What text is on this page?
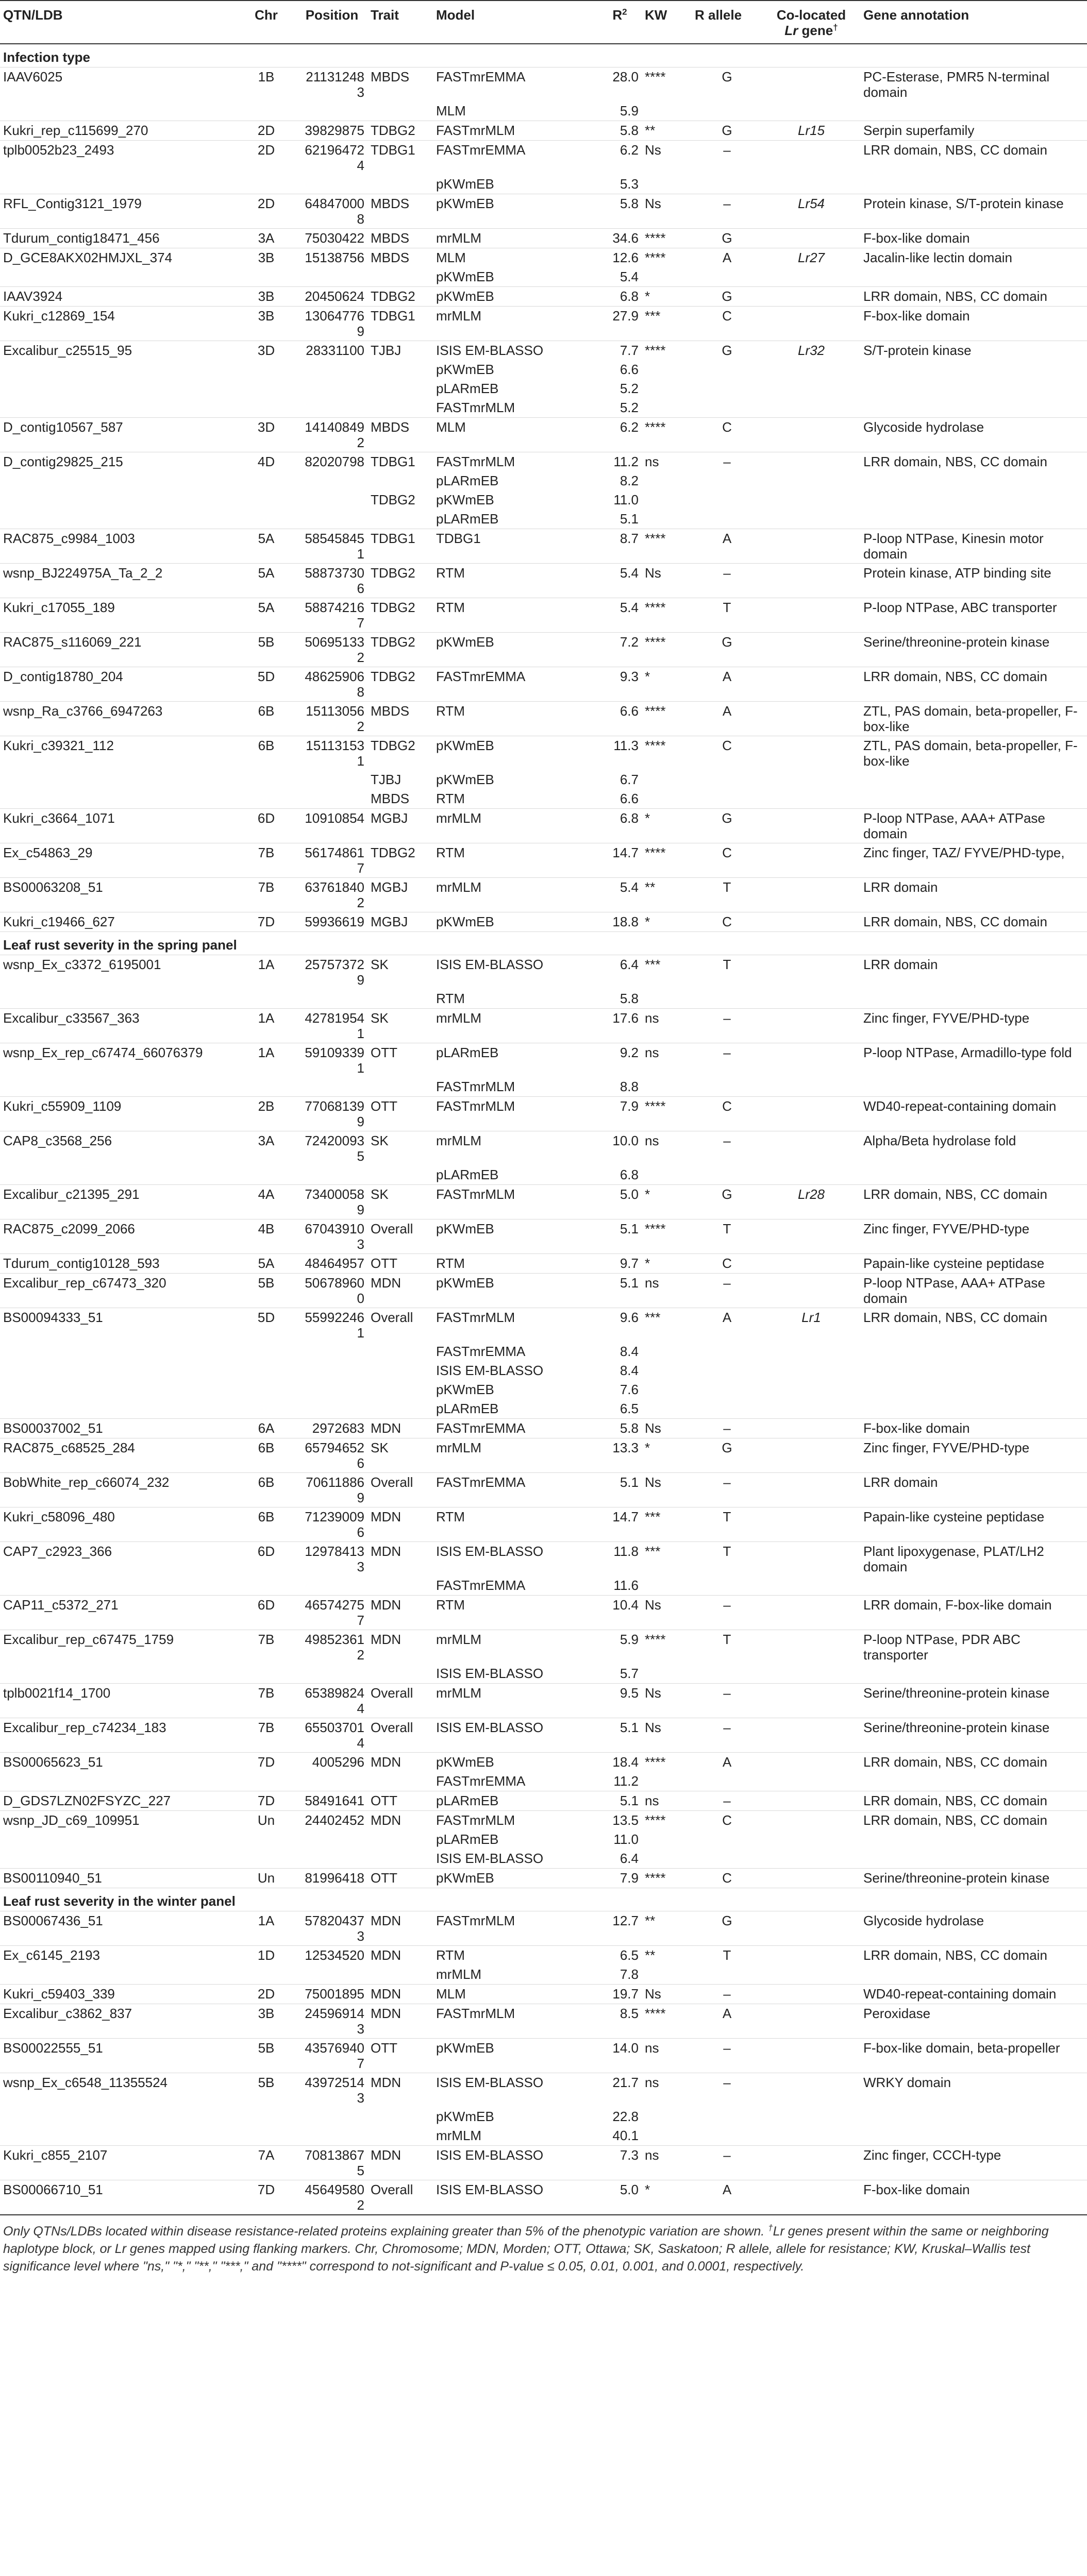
QTN/LDB	Chr	Position	Trait	Model	$R^2$	KW	R allele	Co-located
Lr gene†	Gene annotation
Infection type									
IAAV6025	1B	211312483	MBDS	FASTmrEMMA	28.0	****	G		PC-Esterase, PMR5 N-terminal domain
				MLM	5.9				
Kukri_rep_c115699_270	2D	39829875	TDBG2	FASTmrMLM	5.8	**	G	Lr15	Serpin superfamily
tplb0052b23_2493	2D	621964724	TDBG1	FASTmrEMMA	6.2	Ns	–		LRR domain, NBS, CC domain
				pKWmEB	5.3				
RFL_Contig3121_1979	2D	648470008	MBDS	pKWmEB	5.8	Ns	–	Lr54	Protein kinase, S/T-protein kinase
Tdurum_contig18471_456	3A	75030422	MBDS	mrMLM	34.6	****	G		F-box-like domain
D_GCE8AKX02HMJXL_374	3B	15138756	MBDS	MLM	12.6	****	A	Lr27	Jacalin-like lectin domain
				pKWmEB	5.4				
IAAV3924	3B	20450624	TDBG2	pKWmEB	6.8	*	G		LRR domain, NBS, CC domain
Kukri_c12869_154	3B	130647769	TDBG1	mrMLM	27.9	***	C		F-box-like domain
Excalibur_c25515_95	3D	28331100	TJBJ	ISIS EM-BLASSO	7.7	****	G	Lr32	S/T-protein kinase
				pKWmEB	6.6				
				pLARmEB	5.2				
				FASTmrMLM	5.2				
D_contig10567_587	3D	141408492	MBDS	MLM	6.2	****	C		Glycoside hydrolase
D_contig29825_215	4D	82020798	TDBG1	FASTmrMLM	11.2	ns	–		LRR domain, NBS, CC domain
				pLARmEB	8.2				
			TDBG2	pKWmEB	11.0				
				pLARmEB	5.1				
RAC875_c9984_1003	5A	585458451	TDBG1	TDBG1	8.7	****	A		P-loop NTPase, Kinesin motor domain
wsnp_BJ224975A_Ta_2_2	5A	588737306	TDBG2	RTM	5.4	Ns	–		Protein kinase, ATP binding site
Kukri_c17055_189	5A	588742167	TDBG2	RTM	5.4	****	T		P-loop NTPase, ABC transporter
RAC875_s116069_221	5B	506951332	TDBG2	pKWmEB	7.2	****	G		Serine/threonine-protein kinase
D_contig18780_204	5D	486259068	TDBG2	FASTmrEMMA	9.3	*	A		LRR domain, NBS, CC domain
wsnp_Ra_c3766_6947263	6B	151130562	MBDS	RTM	6.6	****	A		ZTL, PAS domain, beta-propeller, F-box-like
Kukri_c39321_112	6B	151131531	TDBG2	pKWmEB	11.3	****	C		ZTL, PAS domain, beta-propeller, F-box-like
			TJBJ	pKWmEB	6.7				
			MBDS	RTM	6.6				
Kukri_c3664_1071	6D	10910854	MGBJ	mrMLM	6.8	*	G		P-loop NTPase, AAA+ ATPase domain
Ex_c54863_29	7B	561748617	TDBG2	RTM	14.7	****	C		Zinc finger, TAZ/ FYVE/PHD-type,
BS00063208_51	7B	637618402	MGBJ	mrMLM	5.4	**	T		LRR domain
Kukri_c19466_627	7D	59936619	MGBJ	pKWmEB	18.8	*	C		LRR domain, NBS, CC domain
Leaf rust severity in the spring panel									
wsnp_Ex_c3372_6195001	1A	257573729	SK	ISIS EM-BLASSO	6.4	***	T		LRR domain
				RTM	5.8				
Excalibur_c33567_363	1A	427819541	SK	mrMLM	17.6	ns	–		Zinc finger, FYVE/PHD-type
wsnp_Ex_rep_c67474_66076379	1A	591093391	OTT	pLARmEB	9.2	ns	–		P-loop NTPase, Armadillo-type fold
				FASTmrMLM	8.8				
Kukri_c55909_1109	2B	770681399	OTT	FASTmrMLM	7.9	****	C		WD40-repeat-containing domain
CAP8_c3568_256	3A	724200935	SK	mrMLM	10.0	ns	–		Alpha/Beta hydrolase fold
				pLARmEB	6.8				
Excalibur_c21395_291	4A	734000589	SK	FASTmrMLM	5.0	*	G	Lr28	LRR domain, NBS, CC domain
RAC875_c2099_2066	4B	670439103	Overall	pKWmEB	5.1	****	T		Zinc finger, FYVE/PHD-type
Tdurum_contig10128_593	5A	48464957	OTT	RTM	9.7	*	C		Papain-like cysteine peptidase
Excalibur_rep_c67473_320	5B	506789600	MDN	pKWmEB	5.1	ns	–		P-loop NTPase, AAA+ ATPase domain
BS00094333_51	5D	559922461	Overall	FASTmrMLM	9.6	***	A	Lr1	LRR domain, NBS, CC domain
				FASTmrEMMA	8.4				
				ISIS EM-BLASSO	8.4				
				pKWmEB	7.6				
				pLARmEB	6.5				
BS00037002_51	6A	2972683	MDN	FASTmrEMMA	5.8	Ns	–		F-box-like domain
RAC875_c68525_284	6B	657946526	SK	mrMLM	13.3	*	G		Zinc finger, FYVE/PHD-type
BobWhite_rep_c66074_232	6B	706118869	Overall	FASTmrEMMA	5.1	Ns	–		LRR domain
Kukri_c58096_480	6B	712390096	MDN	RTM	14.7	***	T		Papain-like cysteine peptidase
CAP7_c2923_366	6D	129784133	MDN	ISIS EM-BLASSO	11.8	***	T		Plant lipoxygenase, PLAT/LH2 domain
				FASTmrEMMA	11.6				
CAP11_c5372_271	6D	465742757	MDN	RTM	10.4	Ns	–		LRR domain, F-box-like domain
Excalibur_rep_c67475_1759	7B	498523612	MDN	mrMLM	5.9	****	T		P-loop NTPase, PDR ABC transporter
				ISIS EM-BLASSO	5.7				
tplb0021f14_1700	7B	653898244	Overall	mrMLM	9.5	Ns	–		Serine/threonine-protein kinase
Excalibur_rep_c74234_183	7B	655037014	Overall	ISIS EM-BLASSO	5.1	Ns	–		Serine/threonine-protein kinase
BS00065623_51	7D	4005296	MDN	pKWmEB	18.4	****	A		LRR domain, NBS, CC domain
				FASTmrEMMA	11.2				
D_GDS7LZN02FSYZC_227	7D	58491641	OTT	pLARmEB	5.1	ns	–		LRR domain, NBS, CC domain
wsnp_JD_c69_109951	Un	24402452	MDN	FASTmrMLM	13.5	****	C		LRR domain, NBS, CC domain
				pLARmEB	11.0				
				ISIS EM-BLASSO	6.4				
BS00110940_51	Un	81996418	OTT	pKWmEB	7.9	****	C		Serine/threonine-protein kinase
Leaf rust severity in the winter panel									
BS00067436_51	1A	578204373	MDN	FASTmrMLM	12.7	**	G		Glycoside hydrolase
Ex_c6145_2193	1D	12534520	MDN	RTM	6.5	**	T		LRR domain, NBS, CC domain
				mrMLM	7.8				
Kukri_c59403_339	2D	75001895	MDN	MLM	19.7	Ns	–		WD40-repeat-containing domain
Excalibur_c3862_837	3B	245969143	MDN	FASTmrMLM	8.5	****	A		Peroxidase
BS00022555_51	5B	435769407	OTT	pKWmEB	14.0	ns	–		F-box-like domain, beta-propeller
wsnp_Ex_c6548_11355524	5B	439725143	MDN	ISIS EM-BLASSO	21.7	ns	–		WRKY domain
				pKWmEB	22.8				
				mrMLM	40.1				
Kukri_c855_2107	7A	708138675	MDN	ISIS EM-BLASSO	7.3	ns	–		Zinc finger, CCCH-type
BS00066710_51	7D	456495802	Overall	ISIS EM-BLASSO	5.0	*	A		F-box-like domain
Only QTNs/LDBs located within disease resistance-related proteins explaining greater than 5% of the phenotypic variation are shown. †Lr genes present within the same or neighboring haplotype block, or Lr genes mapped using flanking markers. Chr, Chromosome; MDN, Morden; OTT, Ottawa; SK, Saskatoon; R allele, allele for resistance; KW, Kruskal–Wallis test significance level where "ns," "*," "**," "***," and "****" correspond to not-significant and P-value ≤ 0.05, 0.01, 0.001, and 0.0001, respectively.
